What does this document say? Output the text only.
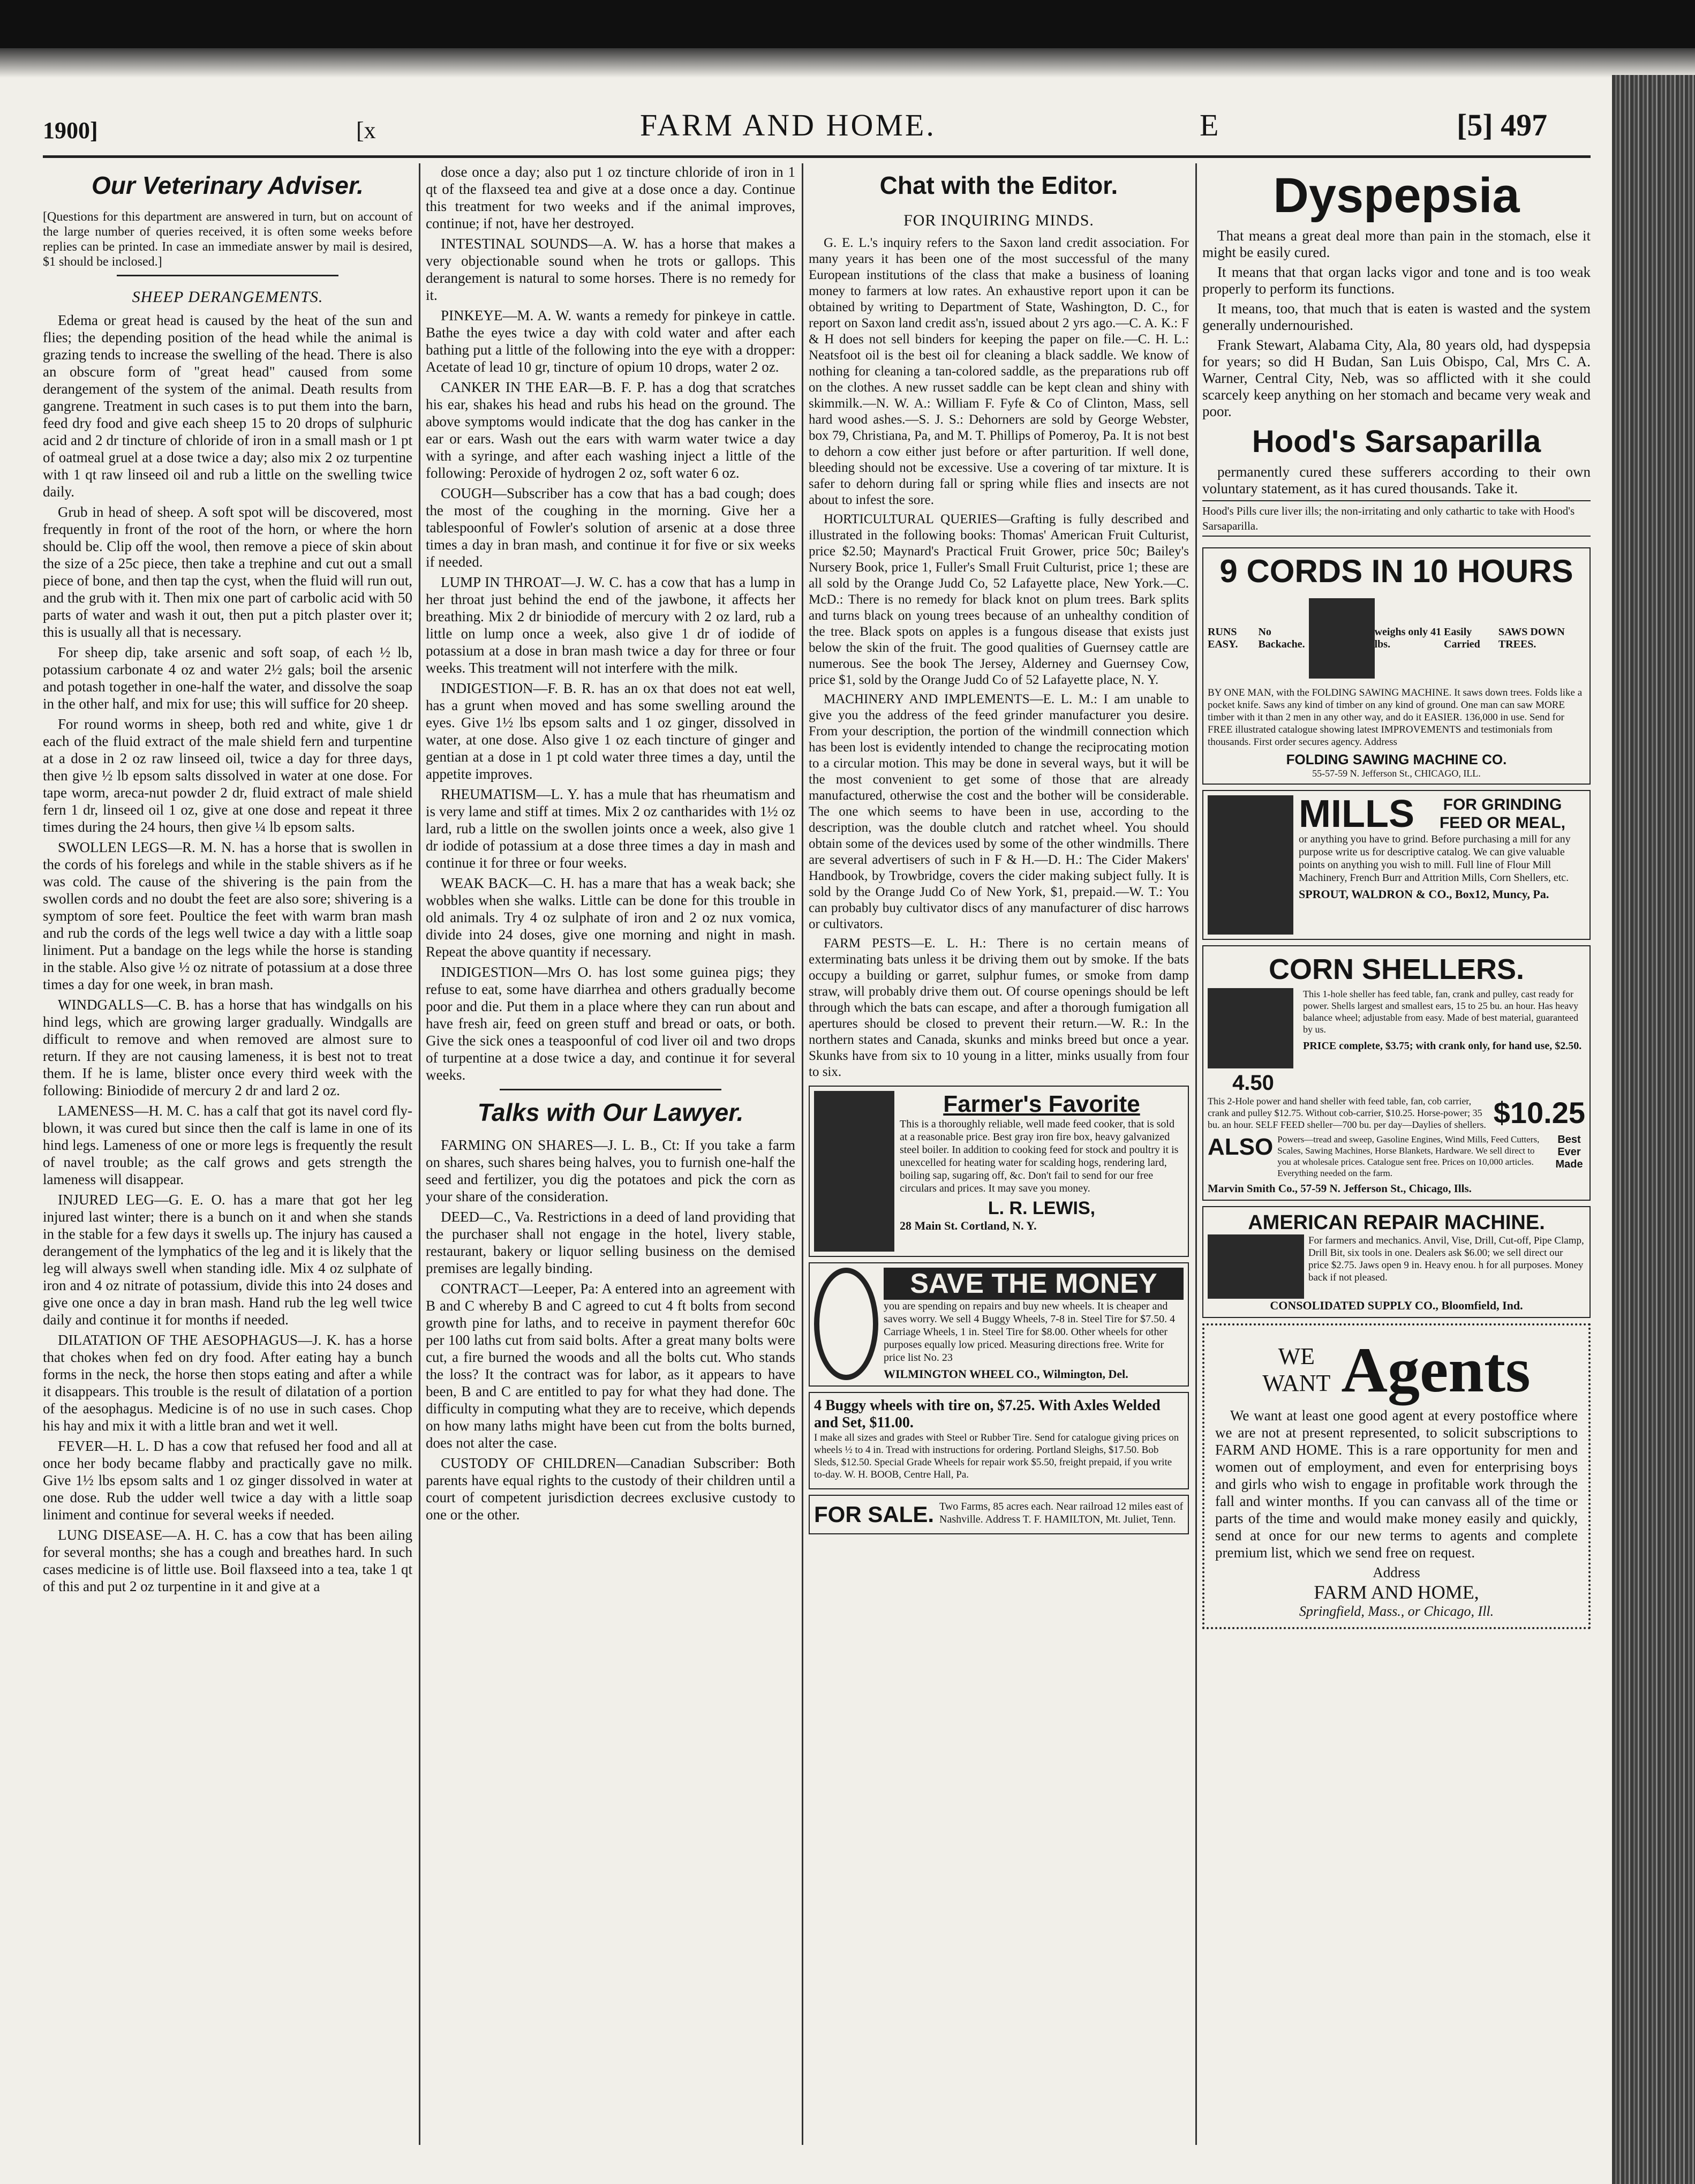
1900]	[x	FARM AND HOME.	E	[5] 497
Our Veterinary Adviser.

[Questions for this department are answered in turn, but on account of the large number of queries received, it is often some weeks before replies can be printed. In case an immediate answer by mail is desired, $1 should be inclosed.]

SHEEP DERANGEMENTS.

Edema or great head is caused by the heat of the sun and flies; the depending position of the head while the animal is grazing tends to increase the swelling of the head. There is also an obscure form of "great head" caused from some derangement of the system of the animal. Death results from gangrene. Treatment in such cases is to put them into the barn, feed dry food and give each sheep 15 to 20 drops of sulphuric acid and 2 dr tincture of chloride of iron in a small mash or 1 pt of oatmeal gruel at a dose twice a day; also mix 2 oz turpentine with 1 qt raw linseed oil and rub a little on the swelling twice daily.

Grub in head of sheep. A soft spot will be discovered, most frequently in front of the root of the horn, or where the horn should be. Clip off the wool, then remove a piece of skin about the size of a 25c piece, then take a trephine and cut out a small piece of bone, and then tap the cyst, when the fluid will run out, and the grub with it. Then mix one part of carbolic acid with 50 parts of water and wash it out, then put a pitch plaster over it; this is usually all that is necessary.

For sheep dip, take arsenic and soft soap, of each ½ lb, potassium carbonate 4 oz and water 2½ gals; boil the arsenic and potash together in one-half the water, and dissolve the soap in the other half, and mix for use; this will suffice for 20 sheep.

For round worms in sheep, both red and white, give 1 dr each of the fluid extract of the male shield fern and turpentine at a dose in 2 oz raw linseed oil, twice a day for three days, then give ½ lb epsom salts dissolved in water at one dose. For tape worm, areca-nut powder 2 dr, fluid extract of male shield fern 1 dr, linseed oil 1 oz, give at one dose and repeat it three times during the 24 hours, then give ¼ lb epsom salts.

SWOLLEN LEGS—R. M. N. has a horse that is swollen in the cords of his forelegs and while in the stable shivers as if he was cold. The cause of the shivering is the pain from the swollen cords and no doubt the feet are also sore; shivering is a symptom of sore feet. Poultice the feet with warm bran mash and rub the cords of the legs well twice a day with a little soap liniment. Put a bandage on the legs while the horse is standing in the stable. Also give ½ oz nitrate of potassium at a dose three times a day for one week, in bran mash.

WINDGALLS—C. B. has a horse that has windgalls on his hind legs, which are growing larger gradually. Windgalls are difficult to remove and when removed are almost sure to return. If they are not causing lameness, it is best not to treat them. If he is lame, blister once every third week with the following: Biniodide of mercury 2 dr and lard 2 oz.

LAMENESS—H. M. C. has a calf that got its navel cord fly-blown, it was cured but since then the calf is lame in one of its hind legs. Lameness of one or more legs is frequently the result of navel trouble; as the calf grows and gets strength the lameness will disappear.

INJURED LEG—G. E. O. has a mare that got her leg injured last winter; there is a bunch on it and when she stands in the stable for a few days it swells up. The injury has caused a derangement of the lymphatics of the leg and it is likely that the leg will always swell when standing idle. Mix 4 oz sulphate of iron and 4 oz nitrate of potassium, divide this into 24 doses and give one once a day in bran mash. Hand rub the leg well twice daily and continue it for months if needed.

DILATATION OF THE AESOPHAGUS—J. K. has a horse that chokes when fed on dry food. After eating hay a bunch forms in the neck, the horse then stops eating and after a while it disappears. This trouble is the result of dilatation of a portion of the aesophagus. Medicine is of no use in such cases. Chop his hay and mix it with a little bran and wet it well.

FEVER—H. L. D has a cow that refused her food and all at once her body became flabby and practically gave no milk. Give 1½ lbs epsom salts and 1 oz ginger dissolved in water at one dose. Rub the udder well twice a day with a little soap liniment and continue for several weeks if needed.

LUNG DISEASE—A. H. C. has a cow that has been ailing for several months; she has a cough and breathes hard. In such cases medicine is of little use. Boil flaxseed into a tea, take 1 qt of this and put 2 oz turpentine in it and give at a

dose once a day; also put 1 oz tincture chloride of iron in 1 qt of the flaxseed tea and give at a dose once a day. Continue this treatment for two weeks and if the animal improves, continue; if not, have her destroyed.

INTESTINAL SOUNDS—A. W. has a horse that makes a very objectionable sound when he trots or gallops. This derangement is natural to some horses. There is no remedy for it.

PINKEYE—M. A. W. wants a remedy for pinkeye in cattle. Bathe the eyes twice a day with cold water and after each bathing put a little of the following into the eye with a dropper: Acetate of lead 10 gr, tincture of opium 10 drops, water 2 oz.

CANKER IN THE EAR—B. F. P. has a dog that scratches his ear, shakes his head and rubs his head on the ground. The above symptoms would indicate that the dog has canker in the ear or ears. Wash out the ears with warm water twice a day with a syringe, and after each washing inject a little of the following: Peroxide of hydrogen 2 oz, soft water 6 oz.

COUGH—Subscriber has a cow that has a bad cough; does the most of the coughing in the morning. Give her a tablespoonful of Fowler's solution of arsenic at a dose three times a day in bran mash, and continue it for five or six weeks if needed.

LUMP IN THROAT—J. W. C. has a cow that has a lump in her throat just behind the end of the jawbone, it affects her breathing. Mix 2 dr biniodide of mercury with 2 oz lard, rub a little on lump once a week, also give 1 dr of iodide of potassium at a dose in bran mash twice a day for three or four weeks. This treatment will not interfere with the milk.

INDIGESTION—F. B. R. has an ox that does not eat well, has a grunt when moved and has some swelling around the eyes. Give 1½ lbs epsom salts and 1 oz ginger, dissolved in water, at one dose. Also give 1 oz each tincture of ginger and gentian at a dose in 1 pt cold water three times a day, until the appetite improves.

RHEUMATISM—L. Y. has a mule that has rheumatism and is very lame and stiff at times. Mix 2 oz cantharides with 1½ oz lard, rub a little on the swollen joints once a week, also give 1 dr iodide of potassium at a dose three times a day in mash and continue it for three or four weeks.

WEAK BACK—C. H. has a mare that has a weak back; she wobbles when she walks. Little can be done for this trouble in old animals. Try 4 oz sulphate of iron and 2 oz nux vomica, divide into 24 doses, give one morning and night in mash. Repeat the above quantity if necessary.

INDIGESTION—Mrs O. has lost some guinea pigs; they refuse to eat, some have diarrhea and others gradually become poor and die. Put them in a place where they can run about and have fresh air, feed on green stuff and bread or oats, or both. Give the sick ones a teaspoonful of cod liver oil and two drops of turpentine at a dose twice a day, and continue it for several weeks.

Talks with Our Lawyer.

FARMING ON SHARES—J. L. B., Ct: If you take a farm on shares, such shares being halves, you to furnish one-half the seed and fertilizer, you dig the potatoes and pick the corn as your share of the consideration.

DEED—C., Va. Restrictions in a deed of land providing that the purchaser shall not engage in the hotel, livery stable, restaurant, bakery or liquor selling business on the demised premises are legally binding.

CONTRACT—Leeper, Pa: A entered into an agreement with B and C whereby B and C agreed to cut 4 ft bolts from second growth pine for laths, and to receive in payment therefor 60c per 100 laths cut from said bolts. After a great many bolts were cut, a fire burned the woods and all the bolts cut. Who stands the loss? It the contract was for labor, as it appears to have been, B and C are entitled to pay for what they had done. The difficulty in computing what they are to receive, which depends on how many laths might have been cut from the bolts burned, does not alter the case.

CUSTODY OF CHILDREN—Canadian Subscriber: Both parents have equal rights to the custody of their children until a court of competent jurisdiction decrees exclusive custody to one or the other.

Chat with the Editor.
FOR INQUIRING MINDS.

G. E. L.'s inquiry refers to the Saxon land credit association. For many years it has been one of the most successful of the many European institutions of the class that make a business of loaning money to farmers at low rates. An exhaustive report upon it can be obtained by writing to Department of State, Washington, D. C., for report on Saxon land credit ass'n, issued about 2 yrs ago.—C. A. K.: F & H does not sell binders for keeping the paper on file.—C. H. L.: Neatsfoot oil is the best oil for cleaning a black saddle. We know of nothing for cleaning a tan-colored saddle, as the preparations rub off on the clothes. A new russet saddle can be kept clean and shiny with skimmilk.—N. W. A.: William F. Fyfe & Co of Clinton, Mass, sell hard wood ashes.—S. J. S.: Dehorners are sold by George Webster, box 79, Christiana, Pa, and M. T. Phillips of Pomeroy, Pa. It is not best to dehorn a cow either just before or after parturition. If well done, bleeding should not be excessive. Use a covering of tar mixture. It is safer to dehorn during fall or spring while flies and insects are not about to infest the sore.

HORTICULTURAL QUERIES—Grafting is fully described and illustrated in the following books: Thomas' American Fruit Culturist, price $2.50; Maynard's Practical Fruit Grower, price 50c; Bailey's Nursery Book, price 1, Fuller's Small Fruit Culturist, price 1; these are all sold by the Orange Judd Co, 52 Lafayette place, New York.—C. McD.: There is no remedy for black knot on plum trees. Bark splits and turns black on young trees because of an unhealthy condition of the tree. Black spots on apples is a fungous disease that exists just below the skin of the fruit. The good qualities of Guernsey cattle are numerous. See the book The Jersey, Alderney and Guernsey Cow, price $1, sold by the Orange Judd Co of 52 Lafayette place, N. Y.

MACHINERY AND IMPLEMENTS—E. L. M.: I am unable to give you the address of the feed grinder manufacturer you desire. From your description, the portion of the windmill connection which has been lost is evidently intended to change the reciprocating motion to a circular motion. This may be done in several ways, but it will be the most convenient to get some of those that are already manufactured, otherwise the cost and the bother will be considerable. The one which seems to have been in use, according to the description, was the double clutch and ratchet wheel. You should obtain some of the devices used by some of the other windmills. There are several advertisers of such in F & H.—D. H.: The Cider Makers' Handbook, by Trowbridge, covers the cider making subject fully. It is sold by the Orange Judd Co of New York, $1, prepaid.—W. T.: You can probably buy cultivator discs of any manufacturer of disc harrows or cultivators.

FARM PESTS—E. L. H.: There is no certain means of exterminating bats unless it be driving them out by smoke. If the bats occupy a building or garret, sulphur fumes, or smoke from damp straw, will probably drive them out. Of course openings should be left through which the bats can escape, and after a thorough fumigation all apertures should be closed to prevent their return.—W. R.: In the northern states and Canada, skunks and minks breed but once a year. Skunks have from six to 10 young in a litter, minks usually from four to six.

Farmer's Favorite

This is a thoroughly reliable, well made feed cooker, that is sold at a reasonable price. Best gray iron fire box, heavy galvanized steel boiler. In addition to cooking feed for stock and poultry it is unexcelled for heating water for scalding hogs, rendering lard, boiling sap, sugaring off, &c. Don't fail to send for our free circulars and prices. It may save you money.

L. R. LEWIS,
28 Main St. Cortland, N. Y.
SAVE THE MONEY

you are spending on repairs and buy new wheels. It is cheaper and saves worry. We sell 4 Buggy Wheels, 7-8 in. Steel Tire for $7.50. 4 Carriage Wheels, 1 in. Steel Tire for $8.00. Other wheels for other purposes equally low priced. Measuring directions free. Write for price list No. 23

WILMINGTON WHEEL CO., Wilmington, Del.
4 Buggy wheels with tire on, $7.25. With Axles Welded and Set, $11.00.

I make all sizes and grades with Steel or Rubber Tire. Send for catalogue giving prices on wheels ½ to 4 in. Tread with instructions for ordering. Portland Sleighs, $17.50. Bob Sleds, $12.50. Special Grade Wheels for repair work $5.50, freight prepaid, if you write to-day. W. H. BOOB, Centre Hall, Pa.

FOR SALE. Two Farms, 85 acres each. Near railroad 12 miles east of Nashville. Address T. F. HAMILTON, Mt. Juliet, Tenn.

Dyspepsia

That means a great deal more than pain in the stomach, else it might be easily cured.

It means that that organ lacks vigor and tone and is too weak properly to perform its functions.

It means, too, that much that is eaten is wasted and the system generally undernourished.

Frank Stewart, Alabama City, Ala, 80 years old, had dyspepsia for years; so did H Budan, San Luis Obispo, Cal, Mrs C. A. Warner, Central City, Neb, was so afflicted with it she could scarcely keep anything on her stomach and became very weak and poor.

Hood's Sarsaparilla

permanently cured these sufferers according to their own voluntary statement, as it has cured thousands. Take it.

Hood's Pills cure liver ills; the non-irritating and only cathartic to take with Hood's Sarsaparilla.

9 CORDS IN 10 HOURS
RUNS EASY.
No Backache.
weighs only 41 lbs.
Easily Carried
SAWS DOWN TREES.

BY ONE MAN, with the FOLDING SAWING MACHINE. It saws down trees. Folds like a pocket knife. Saws any kind of timber on any kind of ground. One man can saw MORE timber with it than 2 men in any other way, and do it EASIER. 136,000 in use. Send for FREE illustrated catalogue showing latest IMPROVEMENTS and testimonials from thousands. First order secures agency. Address

FOLDING SAWING MACHINE CO.
55-57-59 N. Jefferson St., CHICAGO, ILL.
MILLS	FOR GRINDING FEED OR MEAL,

or anything you have to grind. Before purchasing a mill for any purpose write us for descriptive catalog. We can give valuable points on anything you wish to mill. Full line of Flour Mill Machinery, French Burr and Attrition Mills, Corn Shellers, etc.

SPROUT, WALDRON & CO., Box12, Muncy, Pa.
CORN SHELLERS.
4.50

This 1-hole sheller has feed table, fan, crank and pulley, cast ready for power. Shells largest and smallest ears, 15 to 25 bu. an hour. Has heavy balance wheel; adjustable from easy. Made of best material, guaranteed by us.

PRICE complete, $3.75; with crank only, for hand use, $2.50.

This 2-Hole power and hand sheller with feed table, fan, cob carrier, crank and pulley $12.75. Without cob-carrier, $10.25. Horse-power; 35 bu. an hour. SELF FEED sheller—700 bu. per day—Daylies of shellers. $10.25
ALSO Powers—tread and sweep, Gasoline Engines, Wind Mills, Feed Cutters, Scales, Sawing Machines, Horse Blankets, Hardware. We sell direct to you at wholesale prices. Catalogue sent free. Prices on 10,000 articles. Everything needed on the farm.

Best Ever Made
Marvin Smith Co., 57-59 N. Jefferson St., Chicago, Ills.
AMERICAN REPAIR MACHINE.

For farmers and mechanics. Anvil, Vise, Drill, Cut-off, Pipe Clamp, Drill Bit, six tools in one. Dealers ask $6.00; we sell direct our price $2.75. Jaws open 9 in. Heavy enou. h for all purposes. Money back if not pleased.

CONSOLIDATED SUPPLY CO., Bloomfield, Ind.
WE
WANT Agents

We want at least one good agent at every postoffice where we are not at present represented, to solicit subscriptions to FARM AND HOME. This is a rare opportunity for men and women out of employment, and even for enterprising boys and girls who wish to engage in profitable work through the fall and winter months. If you can canvass all of the time or parts of the time and would make money easily and quickly, send at once for our new terms to agents and complete premium list, which we send free on request.

Address
FARM AND HOME,
Springfield, Mass., or Chicago, Ill.
